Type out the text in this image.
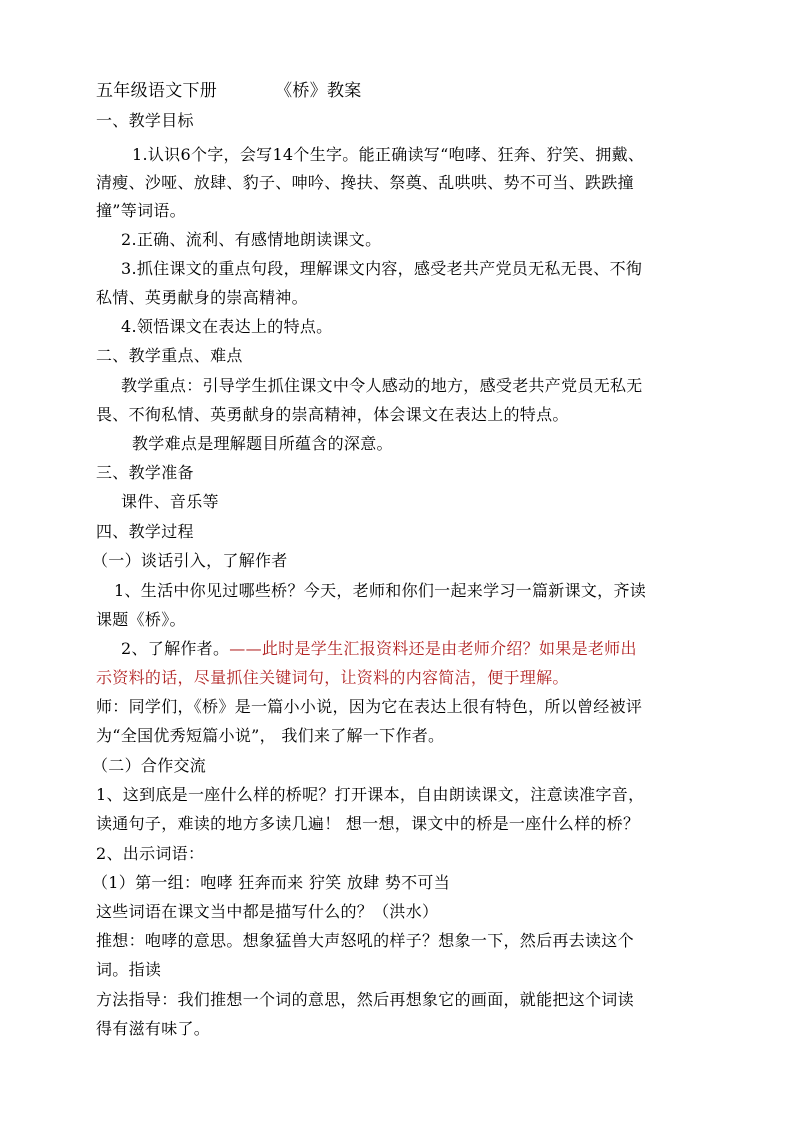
五年级语文下册	《桥》教案
一、教学目标
1.认识6个字，会写14个生字。能正确读写“咆哮、狂奔、狞笑、拥戴、
清瘦、沙哑、放肆、豹子、呻吟、搀扶、祭奠、乱哄哄、势不可当、跌跌撞
撞”等词语。
2.正确、流利、有感情地朗读课文。
3.抓住课文的重点句段，理解课文内容，感受老共产党员无私无畏、不徇
私情、英勇献身的崇高精神。
4.领悟课文在表达上的特点。
二、教学重点、难点
教学重点：引导学生抓住课文中令人感动的地方，感受老共产党员无私无
畏、不徇私情、英勇献身的崇高精神，体会课文在表达上的特点。
教学难点是理解题目所蕴含的深意。
三、教学准备
课件、音乐等
四、教学过程
（一）谈话引入，了解作者
1、生活中你见过哪些桥？今天，老师和你们一起来学习一篇新课文，齐读
课题《桥》。
2、了解作者。——此时是学生汇报资料还是由老师介绍？如果是老师出
示资料的话，尽量抓住关键词句，让资料的内容简洁，便于理解。
师：同学们，《桥》是一篇小小说，因为它在表达上很有特色，所以曾经被评
为“全国优秀短篇小说”， 我们来了解一下作者。
（二）合作交流
1、这到底是一座什么样的桥呢？打开课本，自由朗读课文，注意读准字音，
读通句子，难读的地方多读几遍！ 想一想，课文中的桥是一座什么样的桥？
2、出示词语：
（1）第一组：咆哮 狂奔而来 狞笑 放肆 势不可当
这些词语在课文当中都是描写什么的？（洪水）
推想：咆哮的意思。想象猛兽大声怒吼的样子？想象一下，然后再去读这个
词。指读
方法指导：我们推想一个词的意思，然后再想象它的画面，就能把这个词读
得有滋有味了。
